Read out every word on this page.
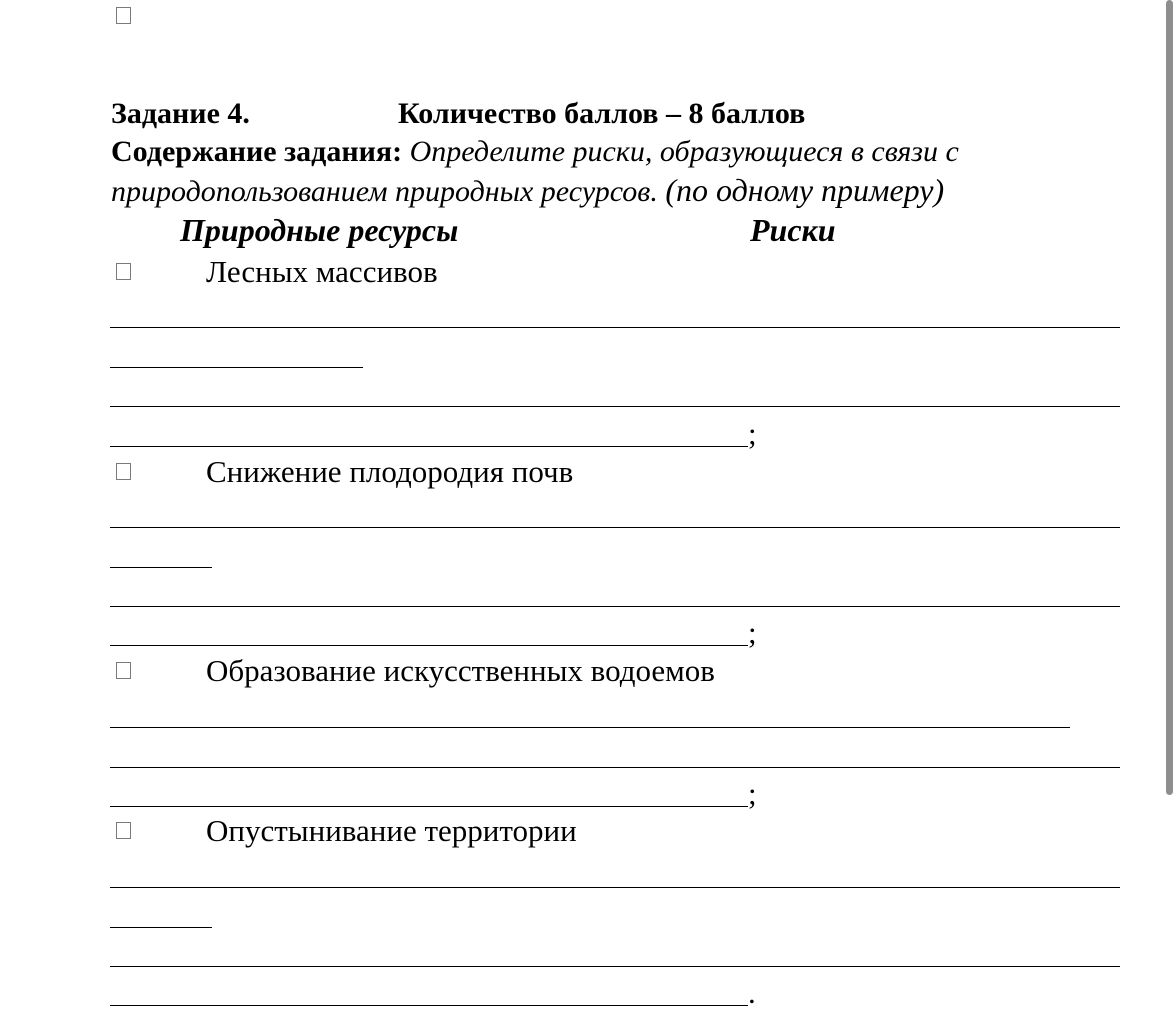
Задание 4.	Количество баллов – 8 баллов
Содержание задания: Определите риски, образующиеся в связи с
природопользованием природных ресурсов. (по одному примеру)
Природные ресурсы	Риски
Лесных массивов
;
Снижение плодородия почв
;
Образование искусственных водоемов
;
Опустынивание территории
.
